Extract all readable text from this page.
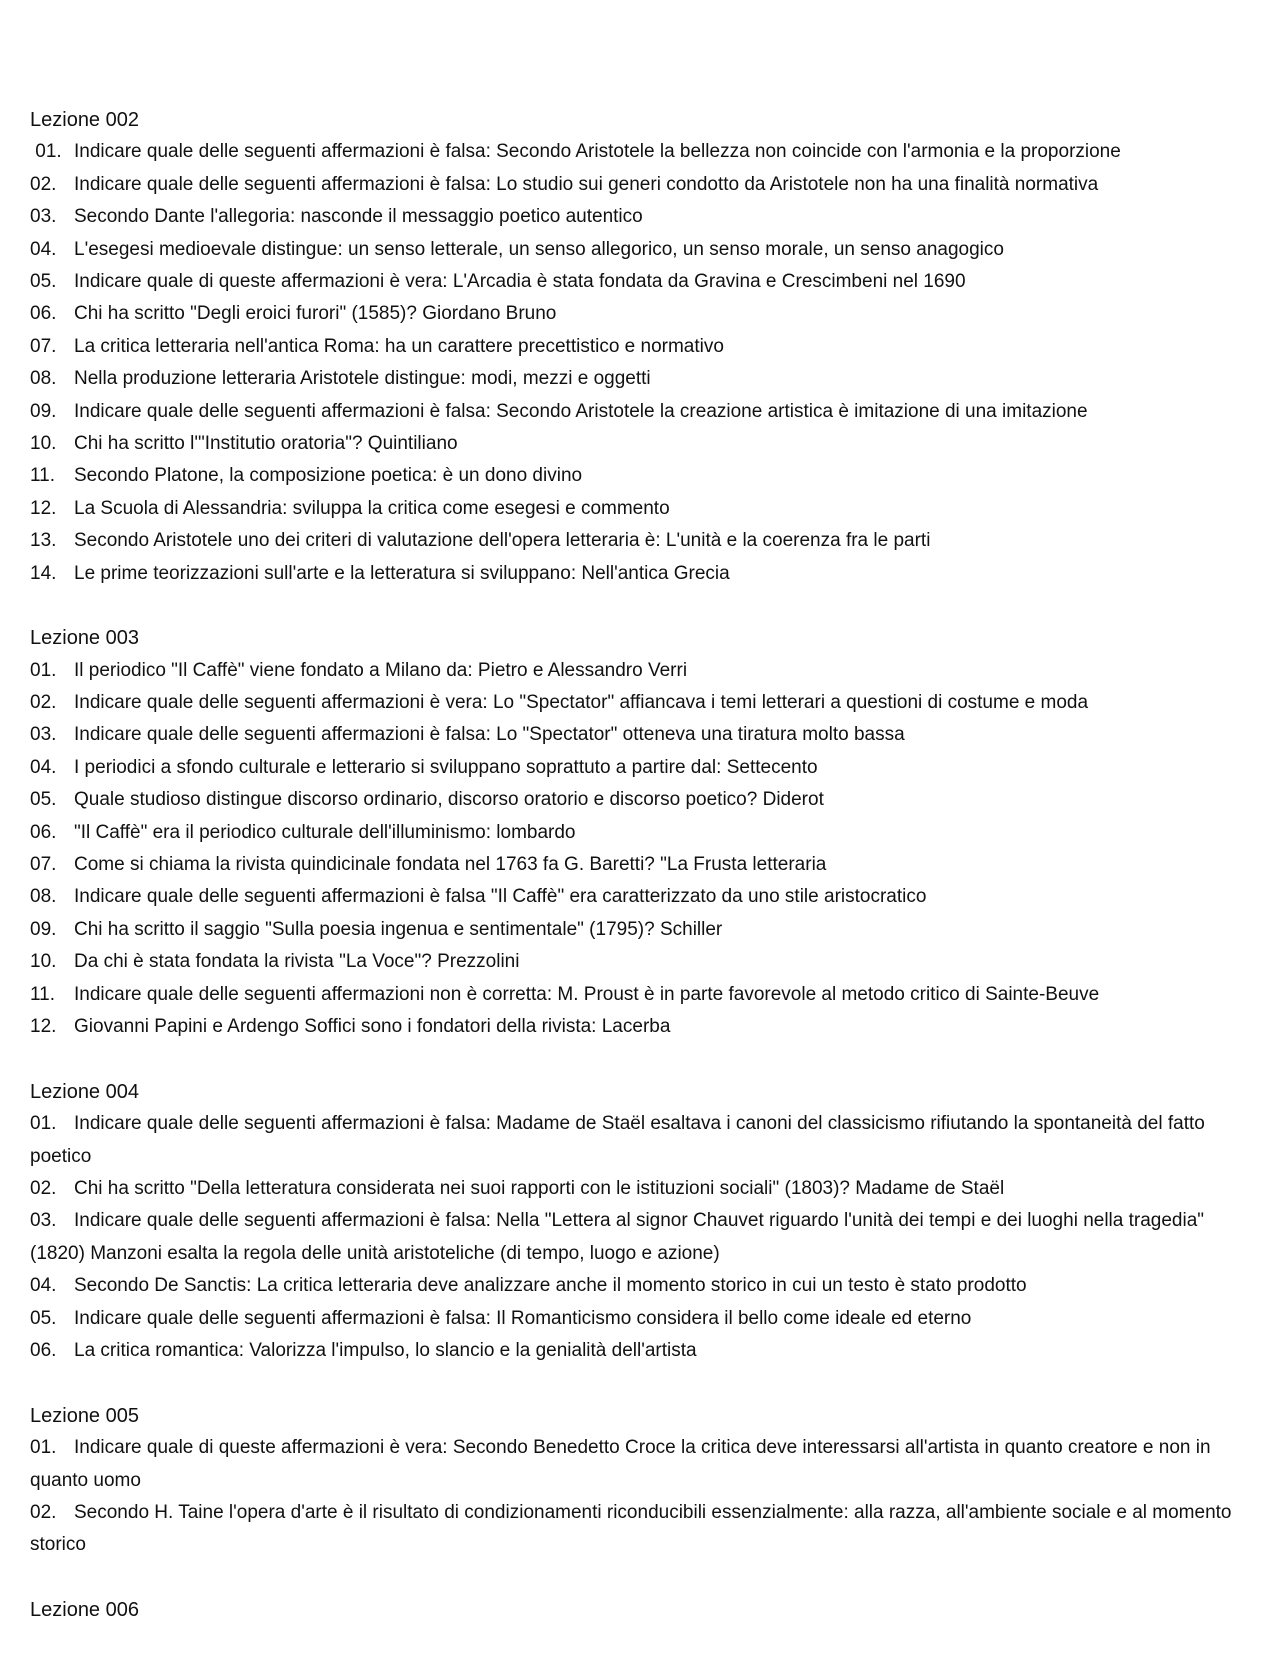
Lezione 002
01. Indicare quale delle seguenti affermazioni è falsa: Secondo Aristotele la bellezza non coincide con l'armonia e la proporzione
02. Indicare quale delle seguenti affermazioni è falsa: Lo studio sui generi condotto da Aristotele non ha una finalità normativa
03. Secondo Dante l'allegoria: nasconde il messaggio poetico autentico
04. L'esegesi medioevale distingue: un senso letterale, un senso allegorico, un senso morale, un senso anagogico
05. Indicare quale di queste affermazioni è vera: L'Arcadia è stata fondata da Gravina e Crescimbeni nel 1690
06. Chi ha scritto "Degli eroici furori" (1585)? Giordano Bruno
07. La critica letteraria nell'antica Roma: ha un carattere precettistico e normativo
08. Nella produzione letteraria Aristotele distingue: modi, mezzi e oggetti
09. Indicare quale delle seguenti affermazioni è falsa: Secondo Aristotele la creazione artistica è imitazione di una imitazione
10. Chi ha scritto l'"Institutio oratoria"? Quintiliano
11. Secondo Platone, la composizione poetica: è un dono divino
12. La Scuola di Alessandria: sviluppa la critica come esegesi e commento
13. Secondo Aristotele uno dei criteri di valutazione dell'opera letteraria è: L'unità e la coerenza fra le parti
14. Le prime teorizzazioni sull'arte e la letteratura si sviluppano: Nell'antica Grecia
Lezione 003
01. Il periodico "Il Caffè" viene fondato a Milano da: Pietro e Alessandro Verri
02. Indicare quale delle seguenti affermazioni è vera: Lo "Spectator" affiancava i temi letterari a questioni di costume e moda
03. Indicare quale delle seguenti affermazioni è falsa: Lo "Spectator" otteneva una tiratura molto bassa
04. I periodici a sfondo culturale e letterario si sviluppano soprattuto a partire dal: Settecento
05. Quale studioso distingue discorso ordinario, discorso oratorio e discorso poetico? Diderot
06. "Il Caffè" era il periodico culturale dell'illuminismo: lombardo
07. Come si chiama la rivista quindicinale fondata nel 1763 fa G. Baretti? "La Frusta letteraria
08. Indicare quale delle seguenti affermazioni è falsa "Il Caffè" era caratterizzato da uno stile aristocratico
09. Chi ha scritto il saggio "Sulla poesia ingenua e sentimentale" (1795)? Schiller
10. Da chi è stata fondata la rivista "La Voce"? Prezzolini
11. Indicare quale delle seguenti affermazioni non è corretta: M. Proust è in parte favorevole al metodo critico di Sainte-Beuve
12. Giovanni Papini e Ardengo Soffici sono i fondatori della rivista: Lacerba
Lezione 004
01. Indicare quale delle seguenti affermazioni è falsa: Madame de Staël esaltava i canoni del classicismo rifiutando la spontaneità del fatto poetico
02. Chi ha scritto "Della letteratura considerata nei suoi rapporti con le istituzioni sociali" (1803)? Madame de Staël
03. Indicare quale delle seguenti affermazioni è falsa: Nella "Lettera al signor Chauvet riguardo l'unità dei tempi e dei luoghi nella tragedia" (1820) Manzoni esalta la regola delle unità aristoteliche (di tempo, luogo e azione)
04. Secondo De Sanctis: La critica letteraria deve analizzare anche il momento storico in cui un testo è stato prodotto
05. Indicare quale delle seguenti affermazioni è falsa: Il Romanticismo considera il bello come ideale ed eterno
06. La critica romantica: Valorizza l'impulso, lo slancio e la genialità dell'artista
Lezione 005
01. Indicare quale di queste affermazioni è vera: Secondo Benedetto Croce la critica deve interessarsi all'artista in quanto creatore e non in quanto uomo
02. Secondo H. Taine l'opera d'arte è il risultato di condizionamenti riconducibili essenzialmente: alla razza, all'ambiente sociale e al momento storico
Lezione 006
